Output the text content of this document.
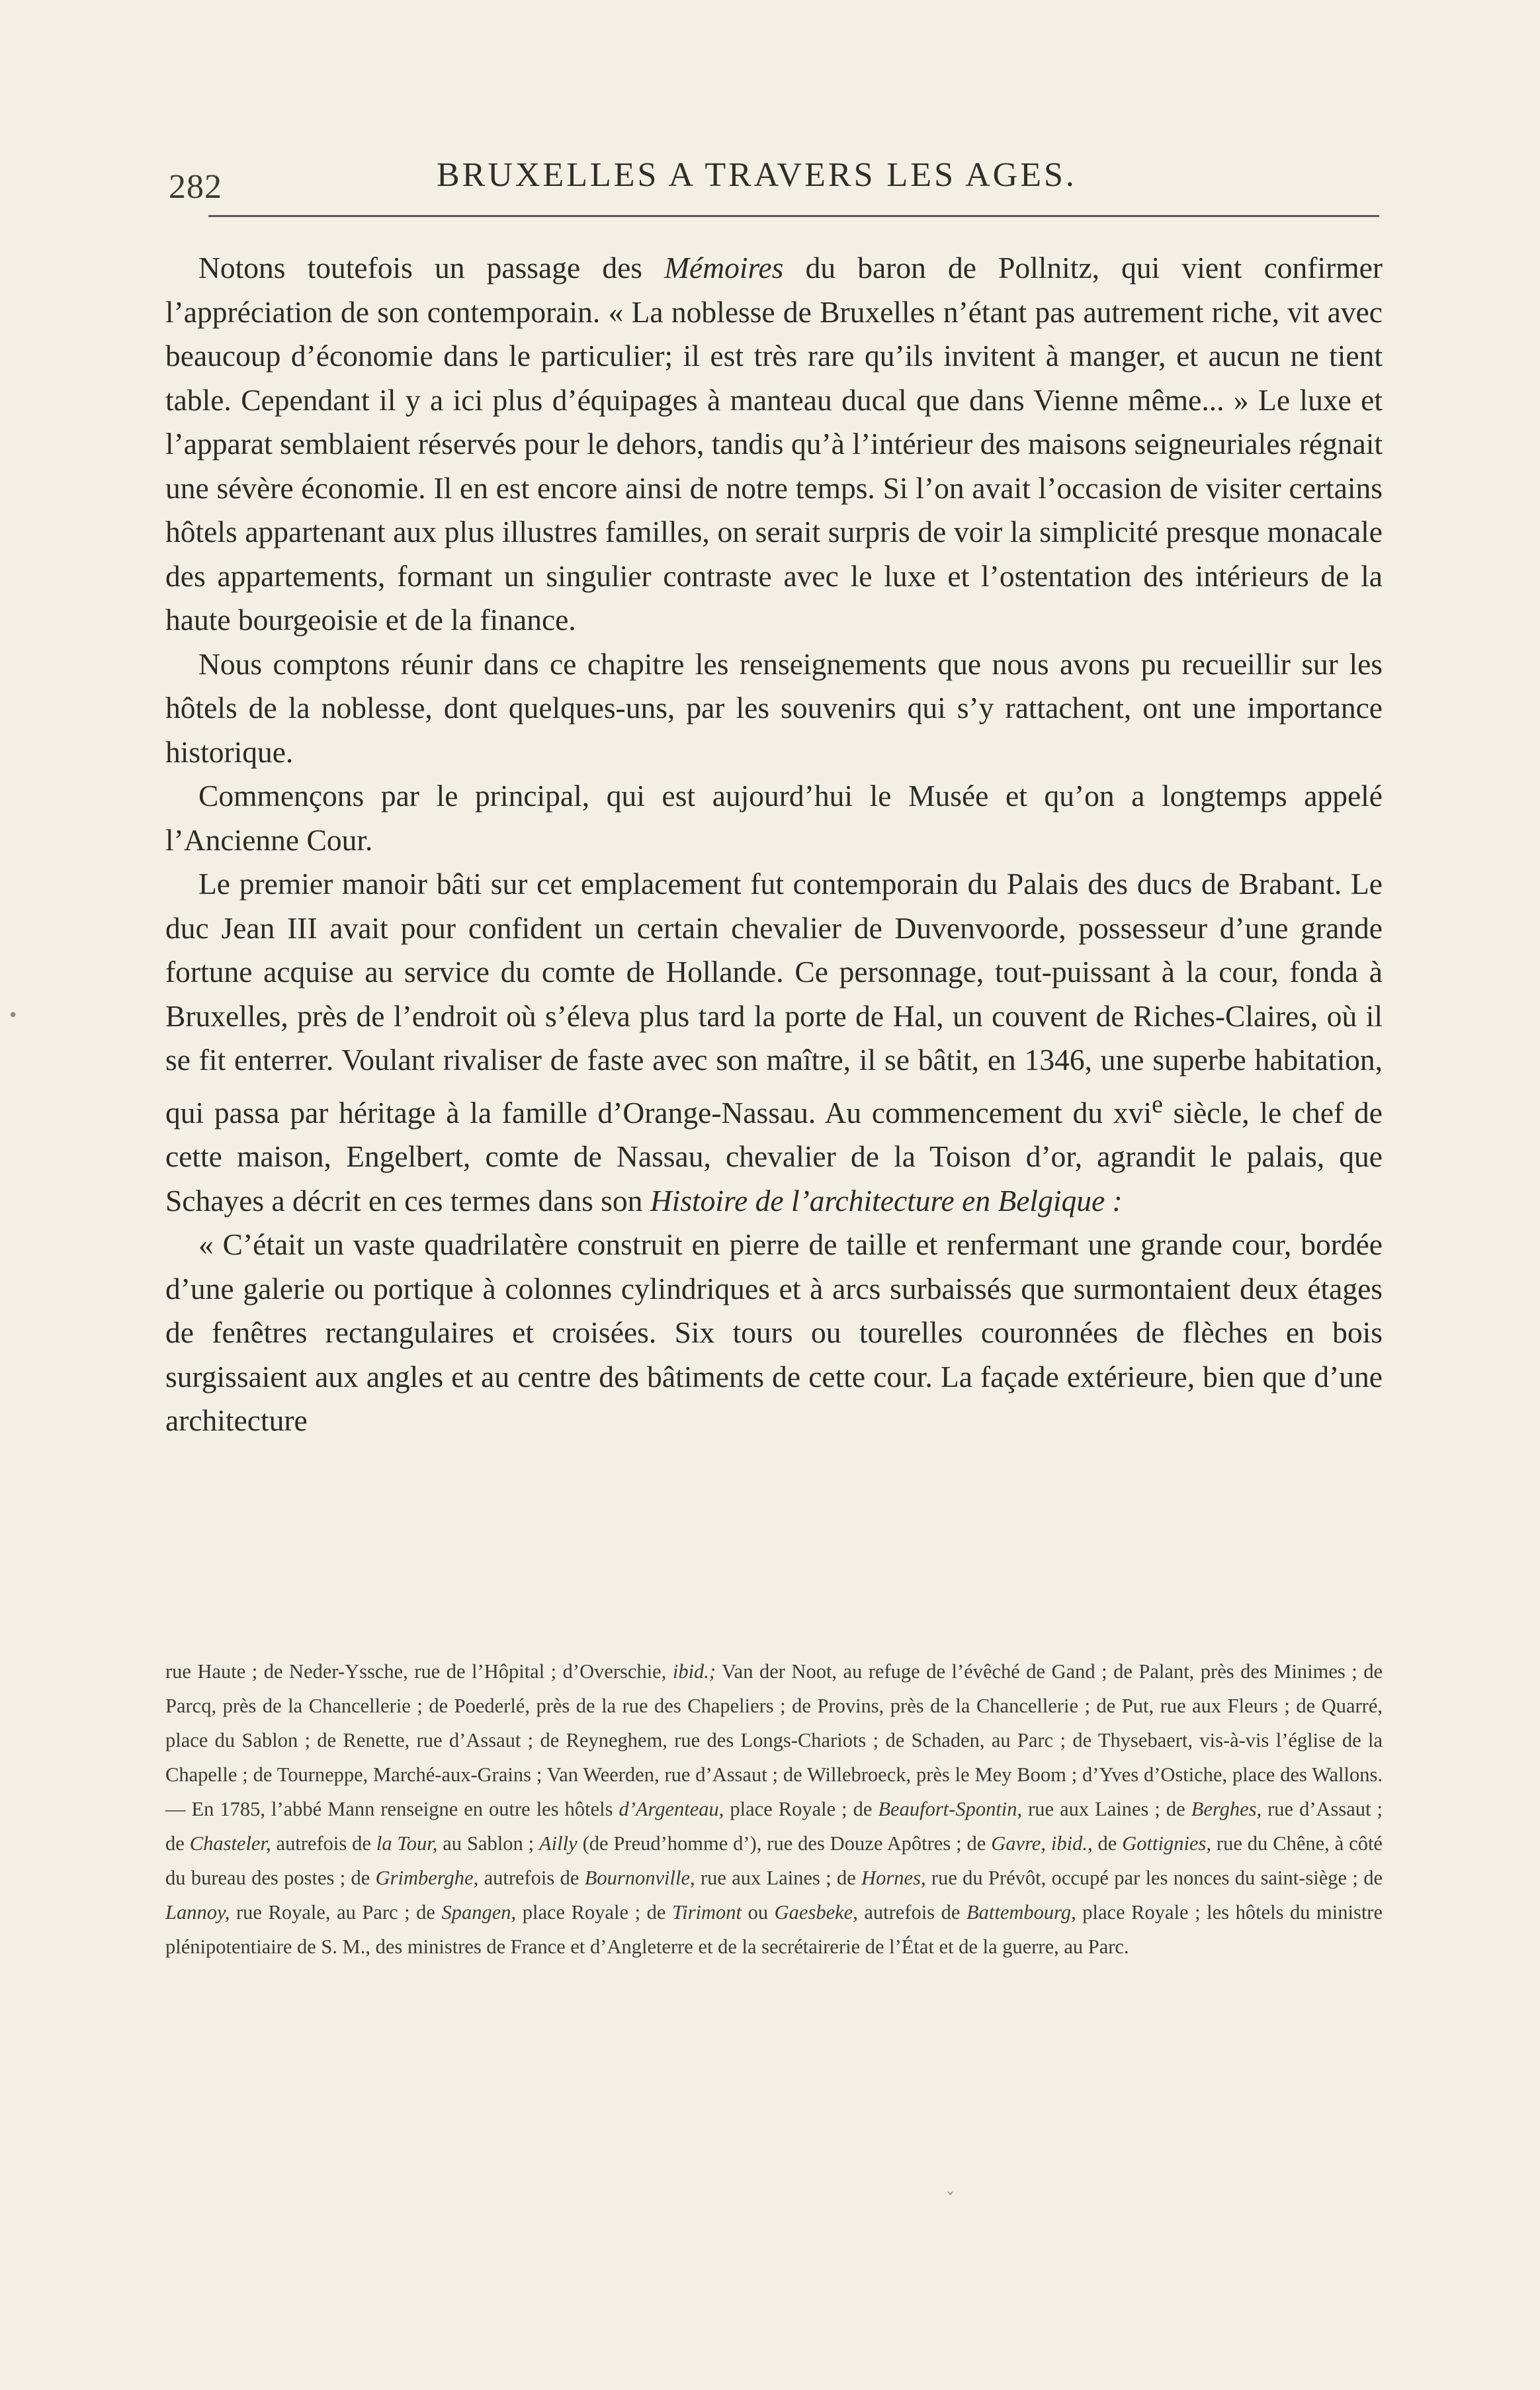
282	BRUXELLES A TRAVERS LES AGES.

Notons toutefois un passage des Mémoires du baron de Pollnitz, qui vient confirmer l’appréciation de son contemporain. « La noblesse de Bruxelles n’étant pas autrement riche, vit avec beaucoup d’économie dans le particulier; il est très rare qu’ils invitent à manger, et aucun ne tient table. Cependant il y a ici plus d’équipages à manteau ducal que dans Vienne même... » Le luxe et l’apparat semblaient réservés pour le dehors, tandis qu’à l’intérieur des maisons seigneuriales régnait une sévère économie. Il en est encore ainsi de notre temps. Si l’on avait l’occasion de visiter certains hôtels appartenant aux plus illustres familles, on serait surpris de voir la simplicité presque monacale des appartements, formant un singulier contraste avec le luxe et l’ostentation des intérieurs de la haute bourgeoisie et de la finance.

Nous comptons réunir dans ce chapitre les renseignements que nous avons pu recueillir sur les hôtels de la noblesse, dont quelques-uns, par les souvenirs qui s’y rattachent, ont une importance historique.

Commençons par le principal, qui est aujourd’hui le Musée et qu’on a longtemps appelé l’Ancienne Cour.

Le premier manoir bâti sur cet emplacement fut contemporain du Palais des ducs de Brabant. Le duc Jean III avait pour confident un certain chevalier de Duvenvoorde, possesseur d’une grande fortune acquise au service du comte de Hollande. Ce personnage, tout-puissant à la cour, fonda à Bruxelles, près de l’endroit où s’éleva plus tard la porte de Hal, un couvent de Riches-Claires, où il se fit enterrer. Voulant rivaliser de faste avec son maître, il se bâtit, en 1346, une superbe habitation, qui passa par héritage à la famille d’Orange-Nassau. Au commencement du xvi$^e$ siècle, le chef de cette maison, Engelbert, comte de Nassau, chevalier de la Toison d’or, agrandit le palais, que Schayes a décrit en ces termes dans son Histoire de l’architecture en Belgique :

« C’était un vaste quadrilatère construit en pierre de taille et renfermant une grande cour, bordée d’une galerie ou portique à colonnes cylindriques et à arcs surbaissés que surmontaient deux étages de fenêtres rectangulaires et croisées. Six tours ou tourelles couronnées de flèches en bois surgissaient aux angles et au centre des bâtiments de cette cour. La façade extérieure, bien que d’une architecture

rue Haute ; de Neder-Yssche, rue de l’Hôpital ; d’Overschie, ibid.; Van der Noot, au refuge de l’évêché de Gand ; de Palant, près des Minimes ; de Parcq, près de la Chancellerie ; de Poederlé, près de la rue des Chapeliers ; de Provins, près de la Chancellerie ; de Put, rue aux Fleurs ; de Quarré, place du Sablon ; de Renette, rue d’Assaut ; de Reyneghem, rue des Longs-Chariots ; de Schaden, au Parc ; de Thysebaert, vis-à-vis l’église de la Chapelle ; de Tourneppe, Marché-aux-Grains ; Van Weerden, rue d’Assaut ; de Willebroeck, près le Mey Boom ; d’Yves d’Ostiche, place des Wallons. — En 1785, l’abbé Mann renseigne en outre les hôtels d’Argenteau, place Royale ; de Beaufort-Spontin, rue aux Laines ; de Berghes, rue d’Assaut ; de Chasteler, autrefois de la Tour, au Sablon ; Ailly (de Preud’homme d’), rue des Douze Apôtres ; de Gavre, ibid., de Gottignies, rue du Chêne, à côté du bureau des postes ; de Grimberghe, autrefois de Bournonville, rue aux Laines ; de Hornes, rue du Prévôt, occupé par les nonces du saint-siège ; de Lannoy, rue Royale, au Parc ; de Spangen, place Royale ; de Tirimont ou Gaesbeke, autrefois de Battembourg, place Royale ; les hôtels du ministre plénipotentiaire de S. M., des ministres de France et d’Angleterre et de la secrétairerie de l’État et de la guerre, au Parc.

•
ˇ
